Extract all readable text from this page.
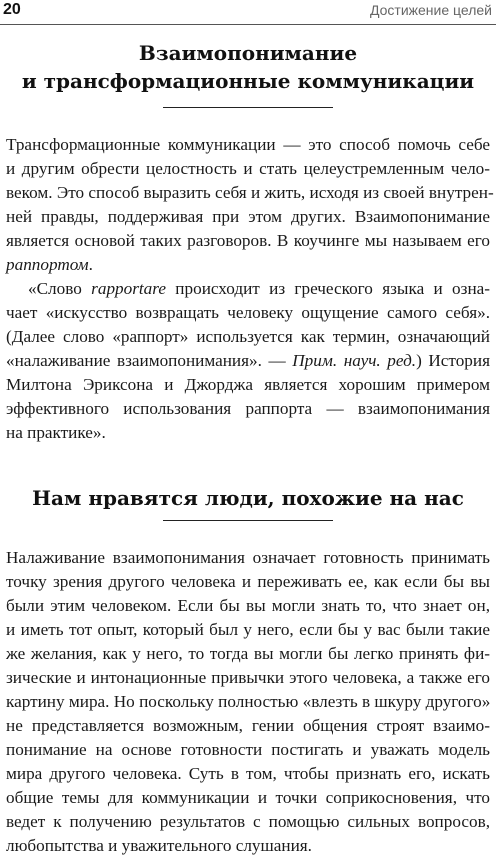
20	Достижение целей
Взаимопонимание
и трансформационные коммуникации
Трансформационные коммуникации — это способ помочь себе
и другим обрести целостность и стать целеустремленным чело-
веком. Это способ выразить себя и жить, исходя из своей внутрен-
ней правды, поддерживая при этом других. Взаимопонимание
является основой таких разговоров. В коучинге мы называем его
раппортом.
«Слово rapportare происходит из греческого языка и озна-
чает «искусство возвращать человеку ощущение самого себя».
(Далее слово «раппорт» используется как термин, означающий
«налаживание взаимопонимания». — Прим. науч. ред.) История
Милтона Эриксона и Джорджа является хорошим примером
эффективного использования раппорта — взаимопонимания
на практике».
Нам нравятся люди, похожие на нас
Налаживание взаимопонимания означает готовность принимать
точку зрения другого человека и переживать ее, как если бы вы
были этим человеком. Если бы вы могли знать то, что знает он,
и иметь тот опыт, который был у него, если бы у вас были такие
же желания, как у него, то тогда вы могли бы легко принять фи-
зические и интонационные привычки этого человека, а также его
картину мира. Но поскольку полностью «влезть в шкуру другого»
не представляется возможным, гении общения строят взаимо-
понимание на основе готовности постигать и уважать модель
мира другого человека. Суть в том, чтобы признать его, искать
общие темы для коммуникации и точки соприкосновения, что
ведет к получению результатов с помощью сильных вопросов,
любопытства и уважительного слушания.
